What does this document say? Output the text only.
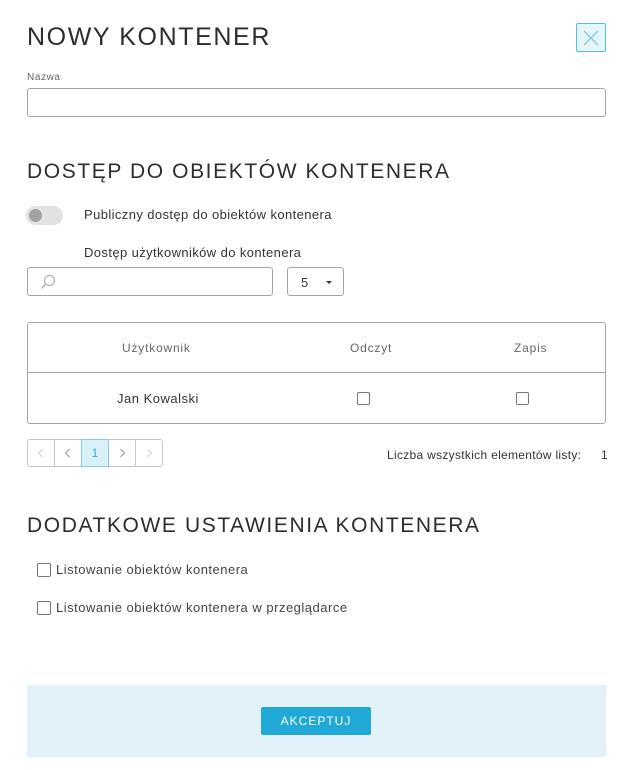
NOWY KONTENER
Nazwa
DOSTĘP DO OBIEKTÓW KONTENERA
Publiczny dostęp do obiektów kontenera
Dostęp użytkowników do kontenera
5
Użytkownik	Odczyt	Zapis
Jan Kowalski
1	Liczba wszystkich elementów listy: 1
DODATKOWE USTAWIENIA KONTENERA
Listowanie obiektów kontenera
Listowanie obiektów kontenera w przeglądarce
AKCEPTUJ
